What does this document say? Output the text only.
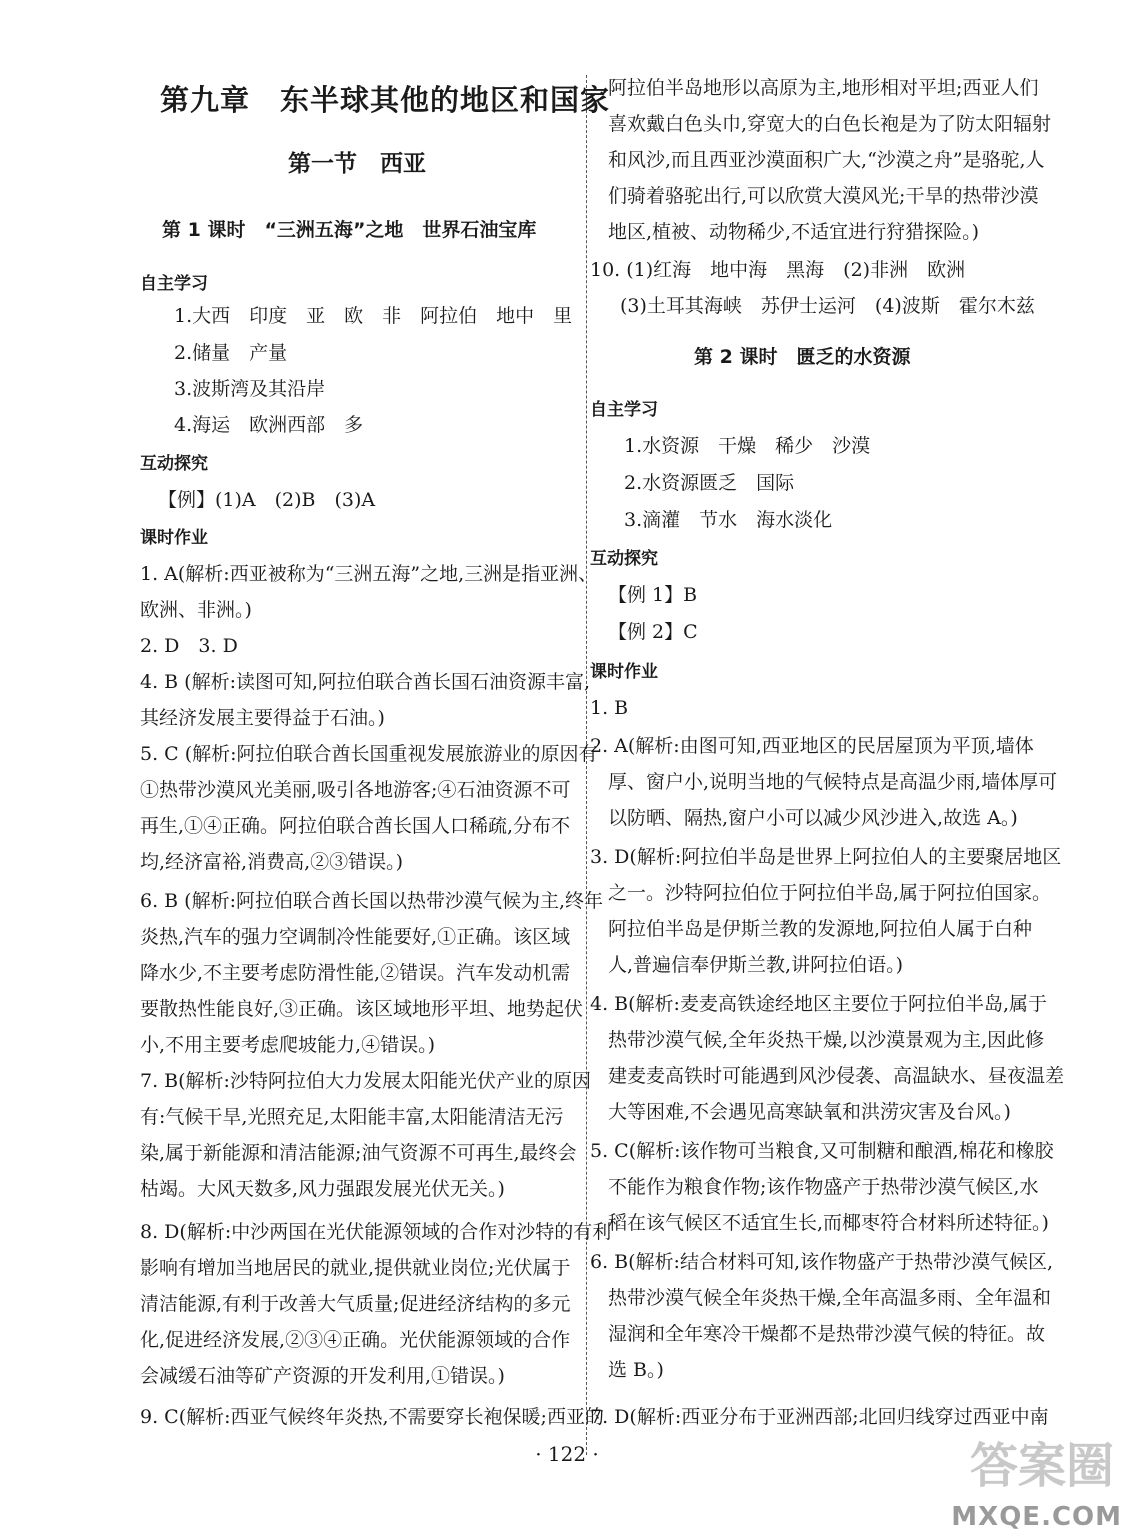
第九章　东半球其他的地区和国家
第一节　西亚
第 1 课时　“三洲五海”之地　世界石油宝库
自主学习
1.大西　印度　亚　欧　非　阿拉伯　地中　里
2.储量　产量
3.波斯湾及其沿岸
4.海运　欧洲西部　多
互动探究
【例】(1)A　(2)B　(3)A
课时作业
1. A(解析:西亚被称为“三洲五海”之地,三洲是指亚洲、
欧洲、非洲。)
2. D　3. D
4. B (解析:读图可知,阿拉伯联合酋长国石油资源丰富,
其经济发展主要得益于石油。)
5. C (解析:阿拉伯联合酋长国重视发展旅游业的原因有
①热带沙漠风光美丽,吸引各地游客;④石油资源不可
再生,①④正确。阿拉伯联合酋长国人口稀疏,分布不
均,经济富裕,消费高,②③错误。)
6. B (解析:阿拉伯联合酋长国以热带沙漠气候为主,终年
炎热,汽车的强力空调制冷性能要好,①正确。该区域
降水少,不主要考虑防滑性能,②错误。汽车发动机需
要散热性能良好,③正确。该区域地形平坦、地势起伏
小,不用主要考虑爬坡能力,④错误。)
7. B(解析:沙特阿拉伯大力发展太阳能光伏产业的原因
有:气候干旱,光照充足,太阳能丰富,太阳能清洁无污
染,属于新能源和清洁能源;油气资源不可再生,最终会
枯竭。大风天数多,风力强跟发展光伏无关。)
8. D(解析:中沙两国在光伏能源领域的合作对沙特的有利
影响有增加当地居民的就业,提供就业岗位;光伏属于
清洁能源,有利于改善大气质量;促进经济结构的多元
化,促进经济发展,②③④正确。光伏能源领域的合作
会减缓石油等矿产资源的开发利用,①错误。)
9. C(解析:西亚气候终年炎热,不需要穿长袍保暖;西亚的
阿拉伯半岛地形以高原为主,地形相对平坦;西亚人们
喜欢戴白色头巾,穿宽大的白色长袍是为了防太阳辐射
和风沙,而且西亚沙漠面积广大,“沙漠之舟”是骆驼,人
们骑着骆驼出行,可以欣赏大漠风光;干旱的热带沙漠
地区,植被、动物稀少,不适宜进行狩猎探险。)
10. (1)红海　地中海　黑海　(2)非洲　欧洲
(3)土耳其海峡　苏伊士运河　(4)波斯　霍尔木兹
第 2 课时　匮乏的水资源
自主学习
1.水资源　干燥　稀少　沙漠
2.水资源匮乏　国际
3.滴灌　节水　海水淡化
互动探究
【例 1】B
【例 2】C
课时作业
1. B
2. A(解析:由图可知,西亚地区的民居屋顶为平顶,墙体
厚、窗户小,说明当地的气候特点是高温少雨,墙体厚可
以防晒、隔热,窗户小可以减少风沙进入,故选 A。)
3. D(解析:阿拉伯半岛是世界上阿拉伯人的主要聚居地区
之一。沙特阿拉伯位于阿拉伯半岛,属于阿拉伯国家。
阿拉伯半岛是伊斯兰教的发源地,阿拉伯人属于白种
人,普遍信奉伊斯兰教,讲阿拉伯语。)
4. B(解析:麦麦高铁途经地区主要位于阿拉伯半岛,属于
热带沙漠气候,全年炎热干燥,以沙漠景观为主,因此修
建麦麦高铁时可能遇到风沙侵袭、高温缺水、昼夜温差
大等困难,不会遇见高寒缺氧和洪涝灾害及台风。)
5. C(解析:该作物可当粮食,又可制糖和酿酒,棉花和橡胶
不能作为粮食作物;该作物盛产于热带沙漠气候区,水
稻在该气候区不适宜生长,而椰枣符合材料所述特征。)
6. B(解析:结合材料可知,该作物盛产于热带沙漠气候区,
热带沙漠气候全年炎热干燥,全年高温多雨、全年温和
湿润和全年寒冷干燥都不是热带沙漠气候的特征。故
选 B。)
7. D(解析:西亚分布于亚洲西部;北回归线穿过西亚中南
· 122 ·	答案圈
MXQE.COM
